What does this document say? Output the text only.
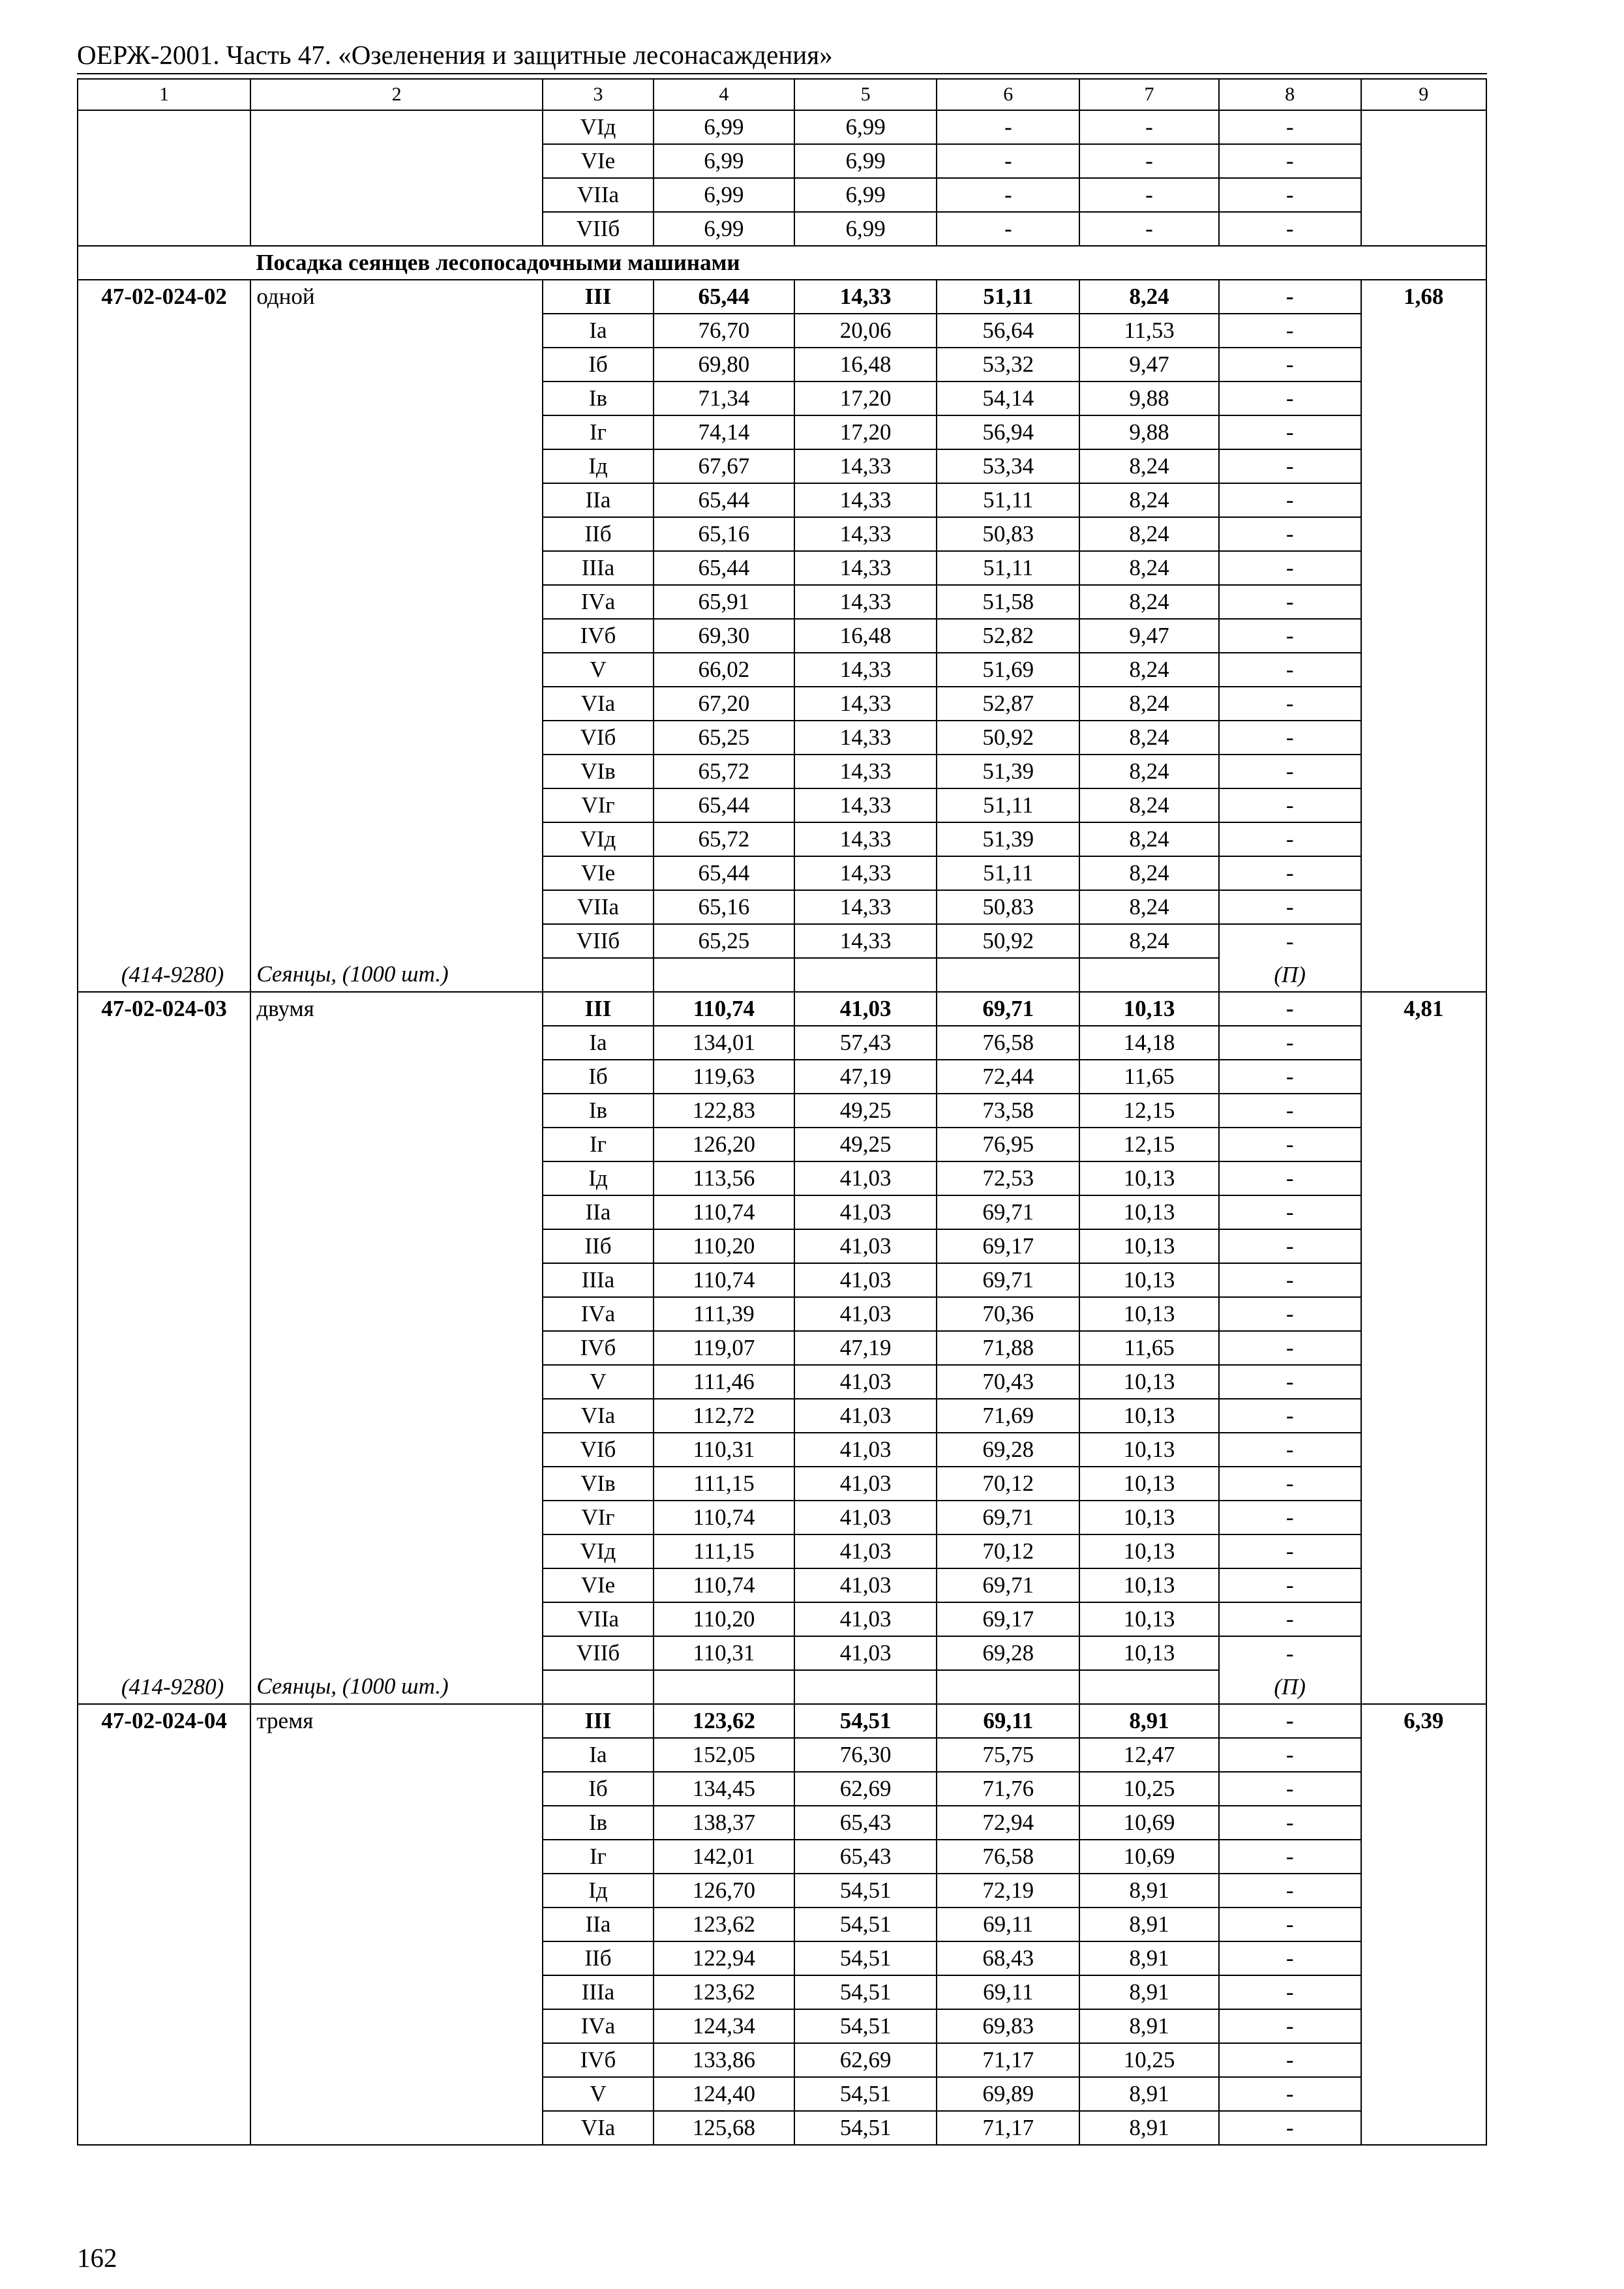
ОЕРЖ-2001. Часть 47. «Озеленения и защитные лесонасаждения»
1	2	3	4	5	6	7	8	9
		VIд	6,99	6,99	-	-	-	
		VIе	6,99	6,99	-	-	-	
		VIIа	6,99	6,99	-	-	-	
		VIIб	6,99	6,99	-	-	-	
	Посадка сеянцев лесопосадочными машинами							
47-02-024-02	одной	III	65,44	14,33	51,11	8,24	-	1,68
		Iа	76,70	20,06	56,64	11,53	-	
		Iб	69,80	16,48	53,32	9,47	-	
		Iв	71,34	17,20	54,14	9,88	-	
		Iг	74,14	17,20	56,94	9,88	-	
		Iд	67,67	14,33	53,34	8,24	-	
		IIа	65,44	14,33	51,11	8,24	-	
		IIб	65,16	14,33	50,83	8,24	-	
		IIIа	65,44	14,33	51,11	8,24	-	
		IVа	65,91	14,33	51,58	8,24	-	
		IVб	69,30	16,48	52,82	9,47	-	
		V	66,02	14,33	51,69	8,24	-	
		VIа	67,20	14,33	52,87	8,24	-	
		VIб	65,25	14,33	50,92	8,24	-	
		VIв	65,72	14,33	51,39	8,24	-	
		VIг	65,44	14,33	51,11	8,24	-	
		VIд	65,72	14,33	51,39	8,24	-	
		VIе	65,44	14,33	51,11	8,24	-	
		VIIа	65,16	14,33	50,83	8,24	-	
		VIIб	65,25	14,33	50,92	8,24	-	
(414-9280)	Сеянцы, (1000 шт.)						(П)	
47-02-024-03	двумя	III	110,74	41,03	69,71	10,13	-	4,81
		Iа	134,01	57,43	76,58	14,18	-	
		Iб	119,63	47,19	72,44	11,65	-	
		Iв	122,83	49,25	73,58	12,15	-	
		Iг	126,20	49,25	76,95	12,15	-	
		Iд	113,56	41,03	72,53	10,13	-	
		IIа	110,74	41,03	69,71	10,13	-	
		IIб	110,20	41,03	69,17	10,13	-	
		IIIа	110,74	41,03	69,71	10,13	-	
		IVа	111,39	41,03	70,36	10,13	-	
		IVб	119,07	47,19	71,88	11,65	-	
		V	111,46	41,03	70,43	10,13	-	
		VIа	112,72	41,03	71,69	10,13	-	
		VIб	110,31	41,03	69,28	10,13	-	
		VIв	111,15	41,03	70,12	10,13	-	
		VIг	110,74	41,03	69,71	10,13	-	
		VIд	111,15	41,03	70,12	10,13	-	
		VIе	110,74	41,03	69,71	10,13	-	
		VIIа	110,20	41,03	69,17	10,13	-	
		VIIб	110,31	41,03	69,28	10,13	-	
(414-9280)	Сеянцы, (1000 шт.)						(П)	
47-02-024-04	тремя	III	123,62	54,51	69,11	8,91	-	6,39
		Iа	152,05	76,30	75,75	12,47	-	
		Iб	134,45	62,69	71,76	10,25	-	
		Iв	138,37	65,43	72,94	10,69	-	
		Iг	142,01	65,43	76,58	10,69	-	
		Iд	126,70	54,51	72,19	8,91	-	
		IIа	123,62	54,51	69,11	8,91	-	
		IIб	122,94	54,51	68,43	8,91	-	
		IIIа	123,62	54,51	69,11	8,91	-	
		IVа	124,34	54,51	69,83	8,91	-	
		IVб	133,86	62,69	71,17	10,25	-	
		V	124,40	54,51	69,89	8,91	-	
		VIа	125,68	54,51	71,17	8,91	-	
162
